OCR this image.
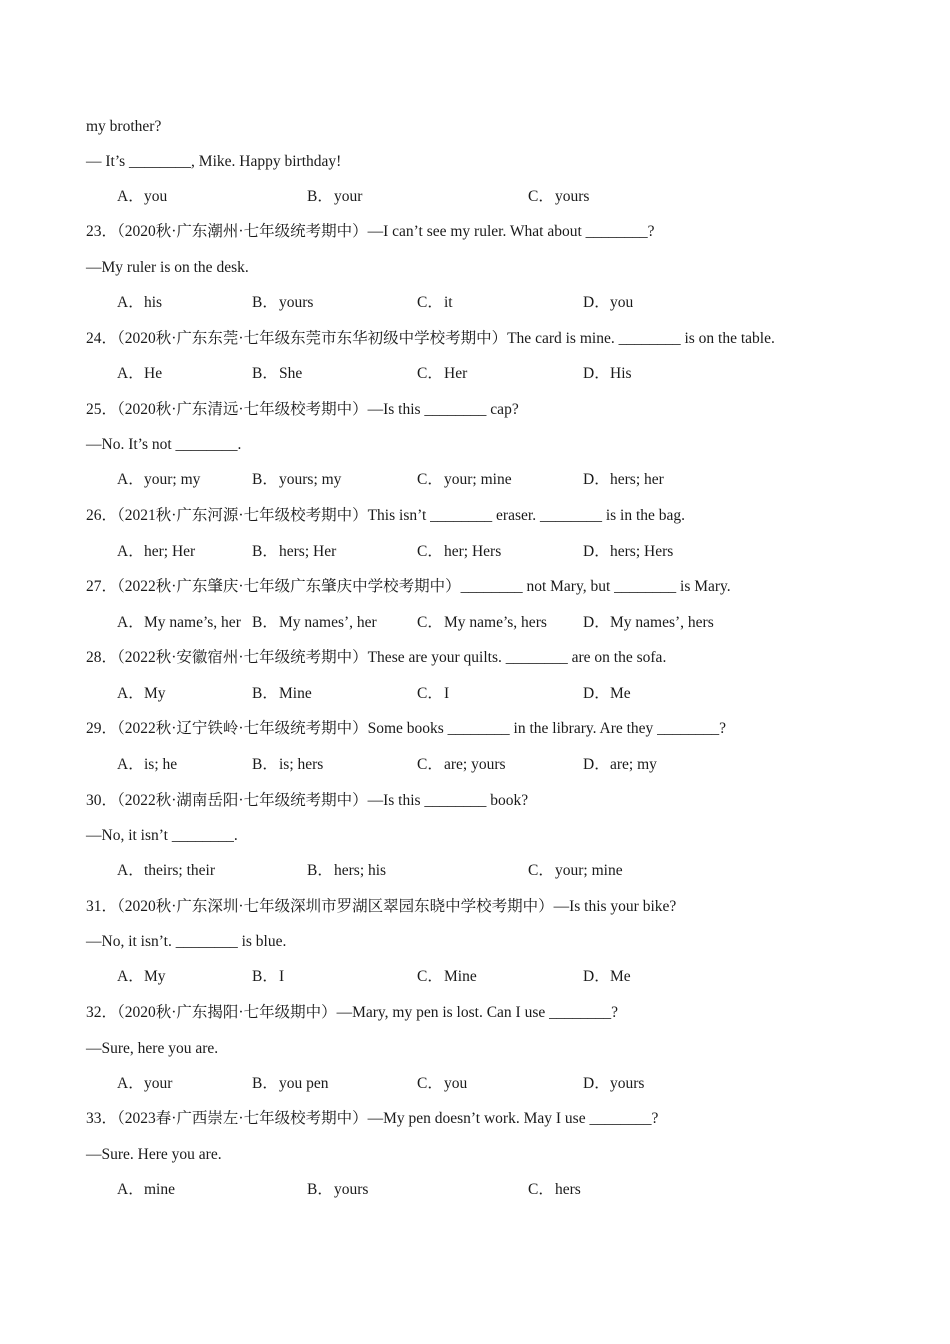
my brother?
— It’s ________, Mike. Happy birthday!
A．you	B．your	C．yours
23．（2020秋·广东潮州·七年级统考期中）—I can’t see my ruler. What about ________?
—My ruler is on the desk.
A．his	B．yours	C．it	D．you
24．（2020秋·广东东莞·七年级东莞市东华初级中学校考期中）The card is mine. ________ is on the table.
A．He	B．She	C．Her	D．His
25．（2020秋·广东清远·七年级校考期中）—Is this ________ cap?
—No. It’s not ________.
A．your; my	B．yours; my	C．your; mine	D．hers; her
26．（2021秋·广东河源·七年级校考期中）This isn’t ________ eraser. ________ is in the bag.
A．her; Her	B．hers; Her	C．her; Hers	D．hers; Hers
27．（2022秋·广东肇庆·七年级广东肇庆中学校考期中）________ not Mary, but ________ is Mary.
A．My name’s, her B．My names’, her	C．My name’s, hers D．My names’, hers
28．（2022秋·安徽宿州·七年级统考期中）These are your quilts. ________ are on the sofa.
A．My	B．Mine	C．I	D．Me
29．（2022秋·辽宁铁岭·七年级统考期中）Some books ________ in the library. Are they ________?
A．is; he	B．is; hers	C．are; yours	D．are; my
30．（2022秋·湖南岳阳·七年级统考期中）—Is this ________ book?
—No, it isn’t ________.
A．theirs; their	B．hers; his	C．your; mine
31．（2020秋·广东深圳·七年级深圳市罗湖区翠园东晓中学校考期中）—Is this your bike?
—No, it isn’t. ________ is blue.
A．My	B．I	C．Mine	D．Me
32．（2020秋·广东揭阳·七年级期中）—Mary, my pen is lost. Can I use ________?
—Sure, here you are.
A．your	B．you pen	C．you	D．yours
33．（2023春·广西崇左·七年级校考期中）—My pen doesn’t work. May I use ________?
—Sure. Here you are.
A．mine	B．yours	C．hers
